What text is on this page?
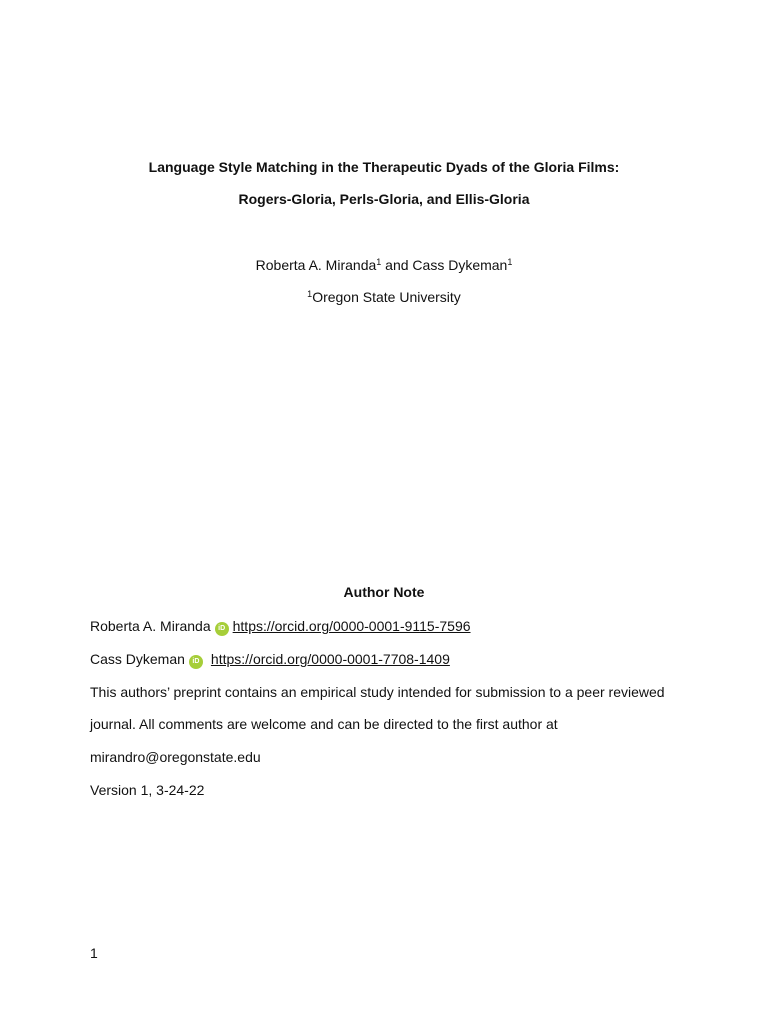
Language Style Matching in the Therapeutic Dyads of the Gloria Films:
Rogers-Gloria, Perls-Gloria, and Ellis-Gloria
Roberta A. Miranda$^1$ and Cass Dykeman$^1$
$^1$Oregon State University
Author Note
Roberta A. Miranda iD https://orcid.org/0000-0001-9115-7596
Cass Dykeman iD https://orcid.org/0000-0001-7708-1409
This authors’ preprint contains an empirical study intended for submission to a peer reviewed
journal. All comments are welcome and can be directed to the first author at
mirandro@oregonstate.edu
Version 1, 3-24-22
1
